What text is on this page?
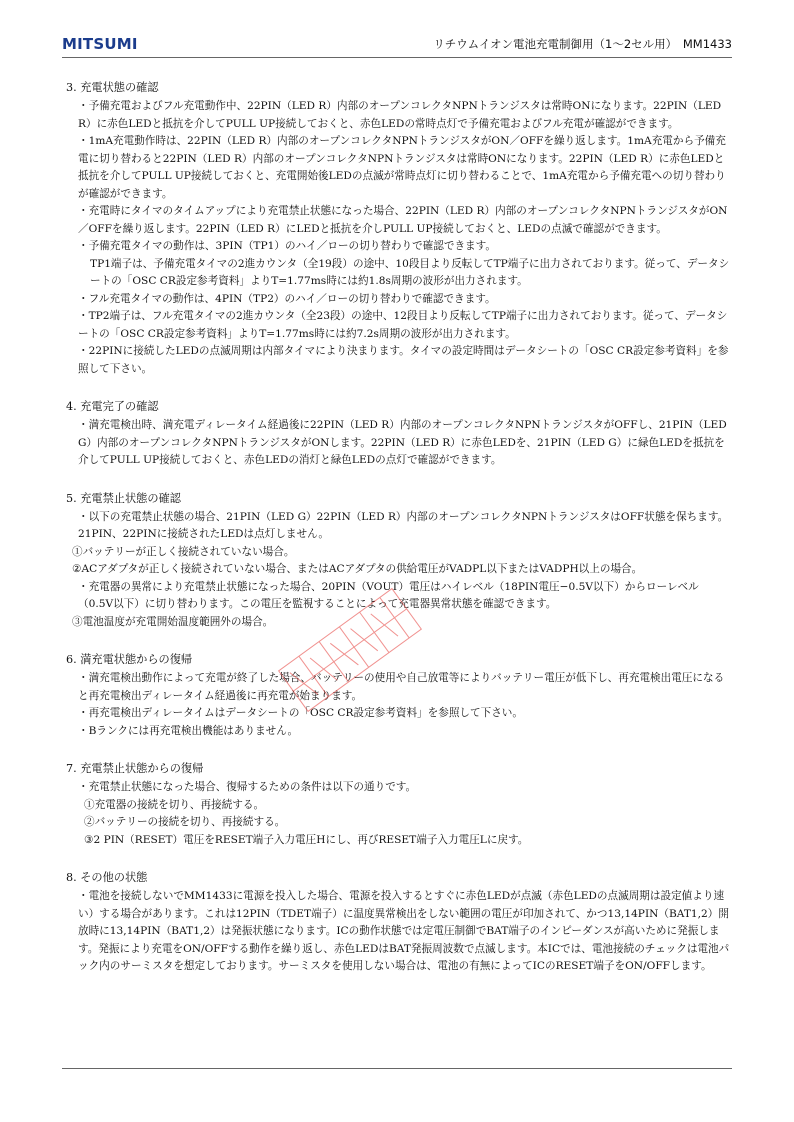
MITSUMI	リチウムイオン電池充電制御用（1〜2セル用）　MM1433
3. 充電状態の確認
・予備充電およびフル充電動作中、22PIN（LED R）内部のオープンコレクタNPNトランジスタは常時ONになります。22PIN（LED R）に赤色LEDと抵抗を介してPULL UP接続しておくと、赤色LEDの常時点灯で予備充電およびフル充電が確認ができます。
・1mA充電動作時は、22PIN（LED R）内部のオープンコレクタNPNトランジスタがON／OFFを繰り返します。1mA充電から予備充電に切り替わると22PIN（LED R）内部のオープンコレクタNPNトランジスタは常時ONになります。22PIN（LED R）に赤色LEDと抵抗を介してPULL UP接続しておくと、充電開始後LEDの点滅が常時点灯に切り替わることで、1mA充電から予備充電への切り替わりが確認ができます。
・充電時にタイマのタイムアップにより充電禁止状態になった場合、22PIN（LED R）内部のオープンコレクタNPNトランジスタがON／OFFを繰り返します。22PIN（LED R）にLEDと抵抗を介しPULL UP接続しておくと、LEDの点滅で確認ができます。
・予備充電タイマの動作は、3PIN（TP1）のハイ／ローの切り替わりで確認できます。
TP1端子は、予備充電タイマの2進カウンタ（全19段）の途中、10段目より反転してTP端子に出力されております。従って、データシートの「OSC CR設定参考資料」よりT=1.77ms時には約1.8s周期の波形が出力されます。
・フル充電タイマの動作は、4PIN（TP2）のハイ／ローの切り替わりで確認できます。
・TP2端子は、フル充電タイマの2進カウンタ（全23段）の途中、12段目より反転してTP端子に出力されております。従って、データシートの「OSC CR設定参考資料」よりT=1.77ms時には約7.2s周期の波形が出力されます。
・22PINに接続したLEDの点滅周期は内部タイマにより決まります。タイマの設定時間はデータシートの「OSC CR設定参考資料」を参照して下さい。
4. 充電完了の確認
・満充電検出時、満充電ディレータイム経過後に22PIN（LED R）内部のオープンコレクタNPNトランジスタがOFFし、21PIN（LED G）内部のオープンコレクタNPNトランジスタがONします。22PIN（LED R）に赤色LEDを、21PIN（LED G）に緑色LEDを抵抗を介してPULL UP接続しておくと、赤色LEDの消灯と緑色LEDの点灯で確認ができます。
5. 充電禁止状態の確認
・以下の充電禁止状態の場合、21PIN（LED G）22PIN（LED R）内部のオープンコレクタNPNトランジスタはOFF状態を保ちます。21PIN、22PINに接続されたLEDは点灯しません。
①バッテリーが正しく接続されていない場合。
②ACアダプタが正しく接続されていない場合、またはACアダプタの供給電圧がVADPL以下またはVADPH以上の場合。
・充電器の異常により充電禁止状態になった場合、20PIN（VOUT）電圧はハイレベル（18PIN電圧−0.5V以下）からローレベル（0.5V以下）に切り替わります。この電圧を監視することによって充電器異常状態を確認できます。
③電池温度が充電開始温度範囲外の場合。
6. 満充電状態からの復帰
・満充電検出動作によって充電が終了した場合、バッテリーの使用や自己放電等によりバッテリー電圧が低下し、再充電検出電圧になると再充電検出ディレータイム経過後に再充電が始まります。
・再充電検出ディレータイムはデータシートの「OSC CR設定参考資料」を参照して下さい。
・Bランクには再充電検出機能はありません。
7. 充電禁止状態からの復帰
・充電禁止状態になった場合、復帰するための条件は以下の通りです。
①充電器の接続を切り、再接続する。
②バッテリーの接続を切り、再接続する。
③2 PIN（RESET）電圧をRESET端子入力電圧Hにし、再びRESET端子入力電圧Lに戻す。
8. その他の状態
・電池を接続しないでMM1433に電源を投入した場合、電源を投入するとすぐに赤色LEDが点滅（赤色LEDの点滅周期は設定値より速い）する場合があります。これは12PIN（TDET端子）に温度異常検出をしない範囲の電圧が印加されて、かつ13,14PIN（BAT1,2）開放時に13,14PIN（BAT1,2）は発振状態になります。ICの動作状態では定電圧制御でBAT端子のインピーダンスが高いために発振します。発振により充電をON/OFFする動作を繰り返し、赤色LEDはBAT発振周波数で点滅します。本ICでは、電池接続のチェックは電池パック内のサーミスタを想定しております。サーミスタを使用しない場合は、電池の有無によってICのRESET端子をON/OFFします。
